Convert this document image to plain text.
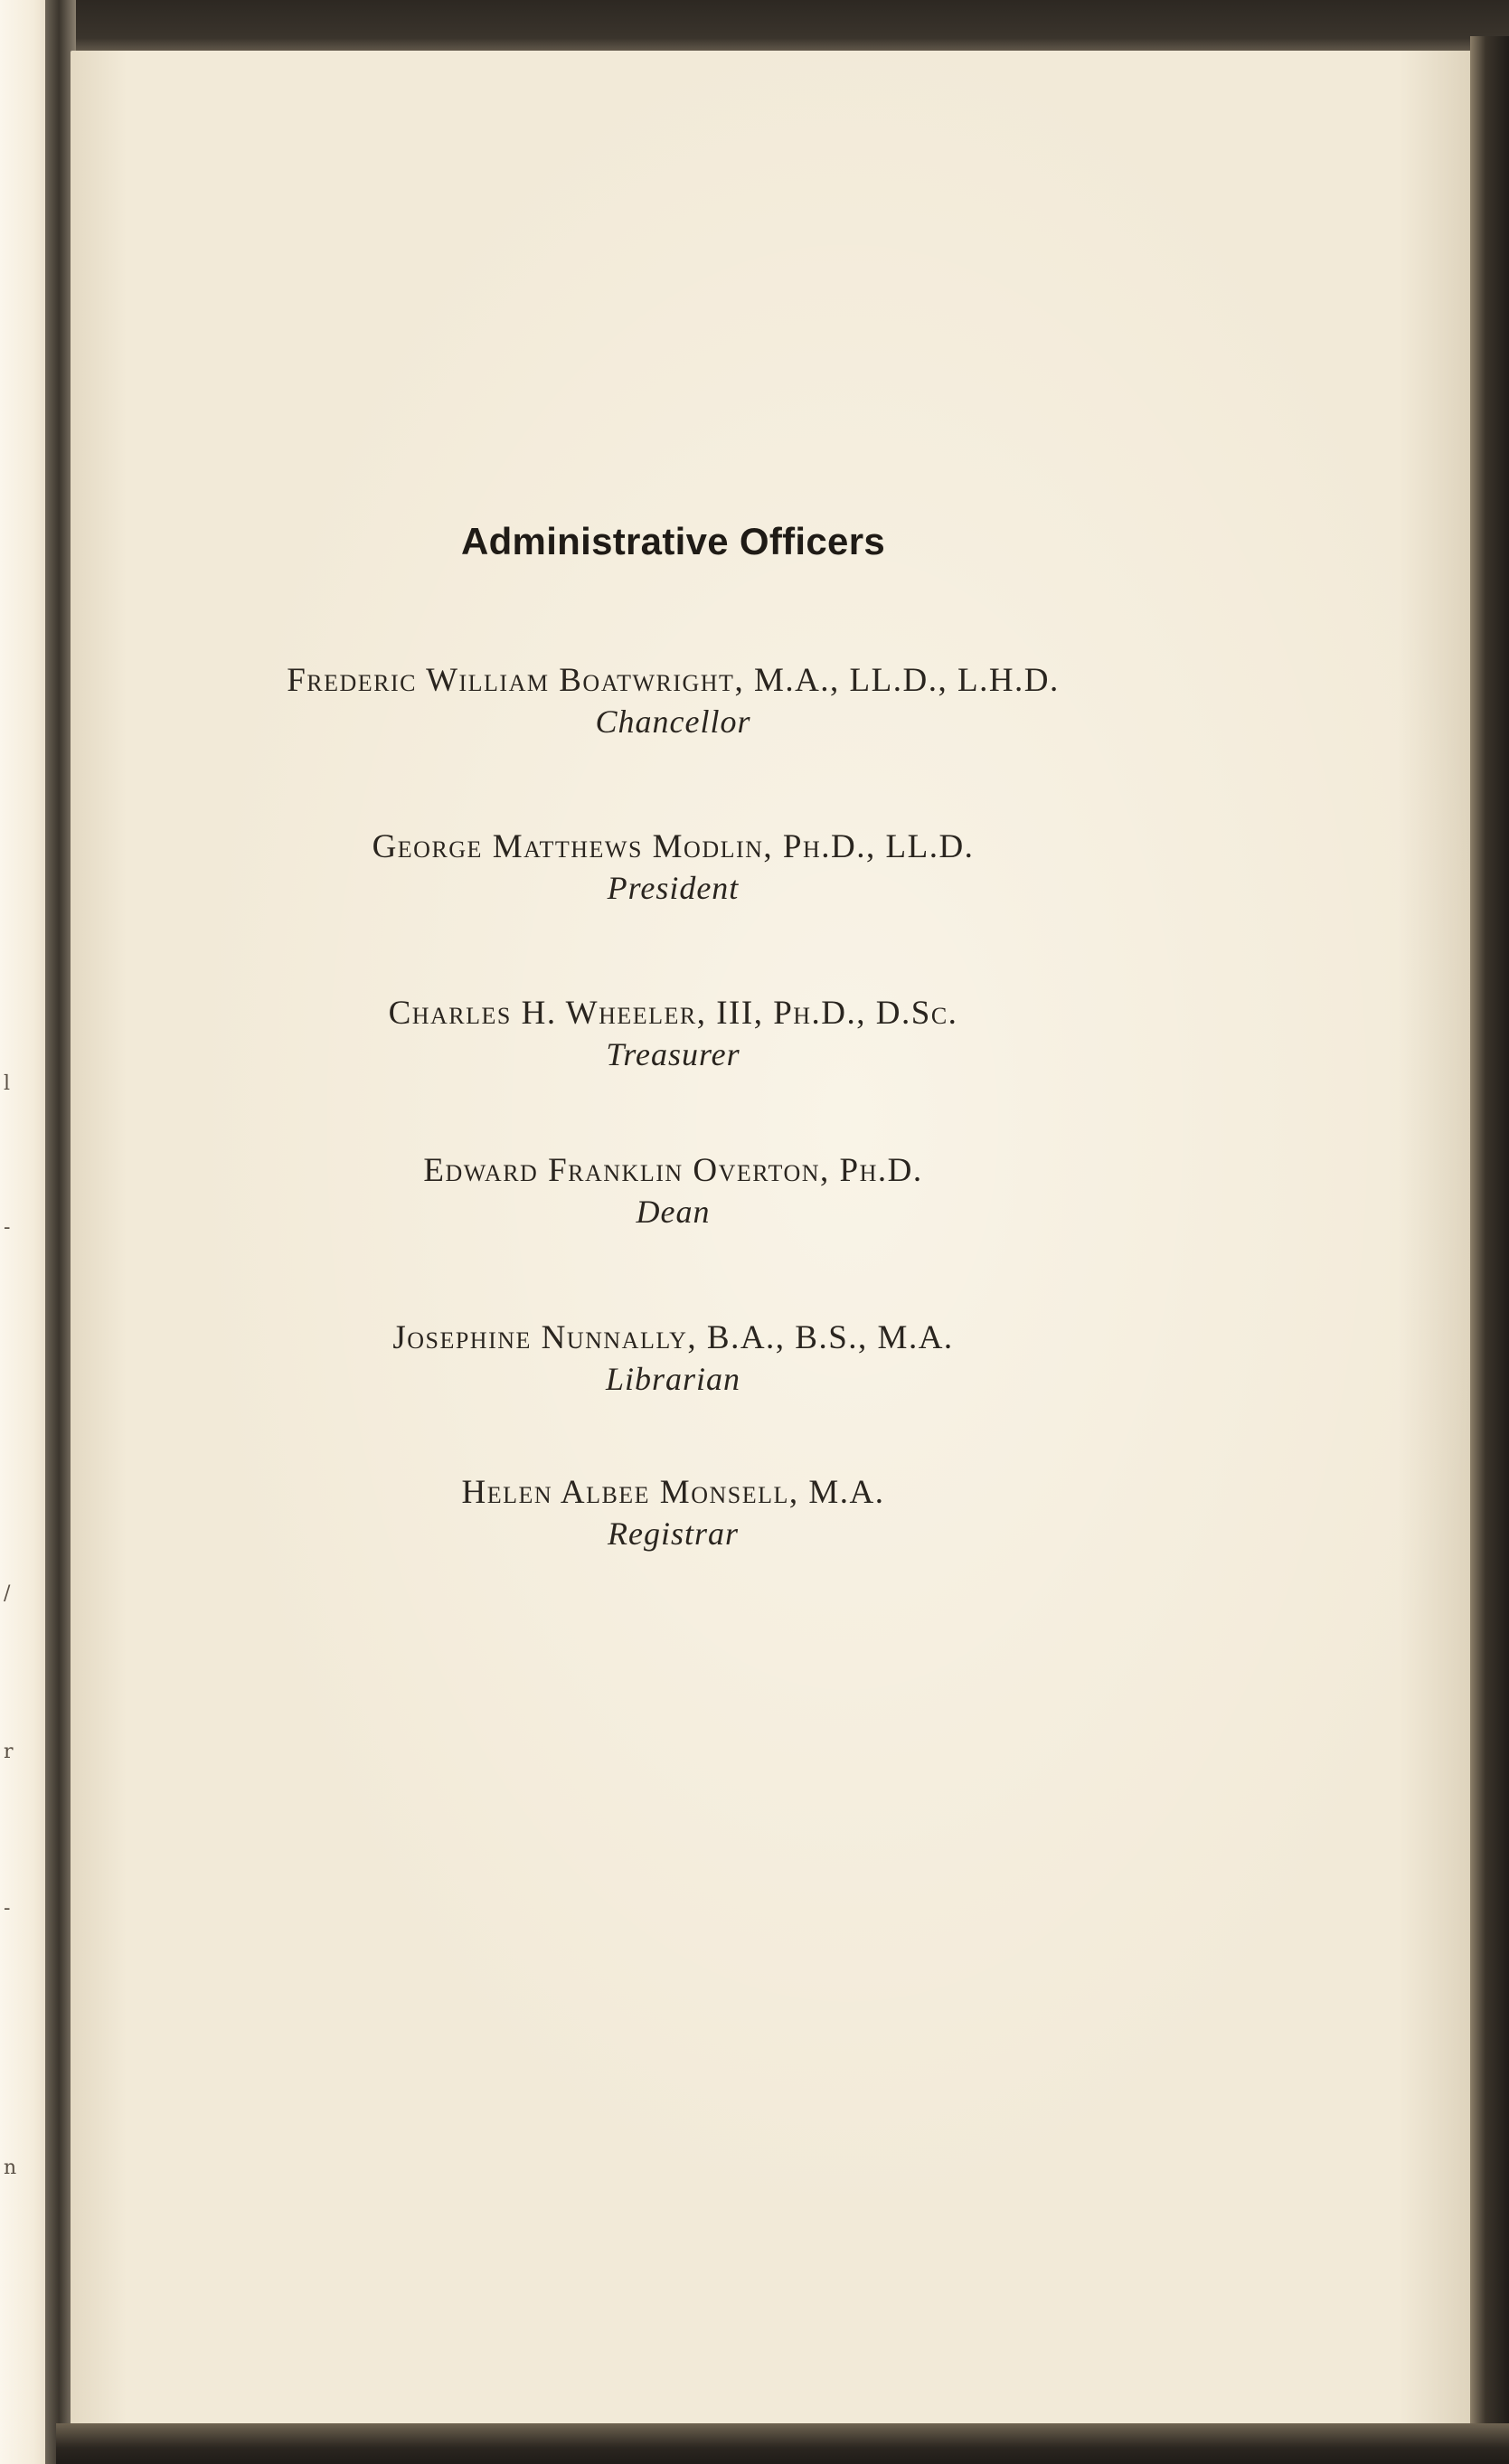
l
-
/
r
-
n
Administrative Officers
Frederic William Boatwright, M.A., LL.D., L.H.D.
Chancellor
George Matthews Modlin, Ph.D., LL.D.
President
Charles H. Wheeler, III, Ph.D., D.Sc.
Treasurer
Edward Franklin Overton, Ph.D.
Dean
Josephine Nunnally, B.A., B.S., M.A.
Librarian
Helen Albee Monsell, M.A.
Registrar
